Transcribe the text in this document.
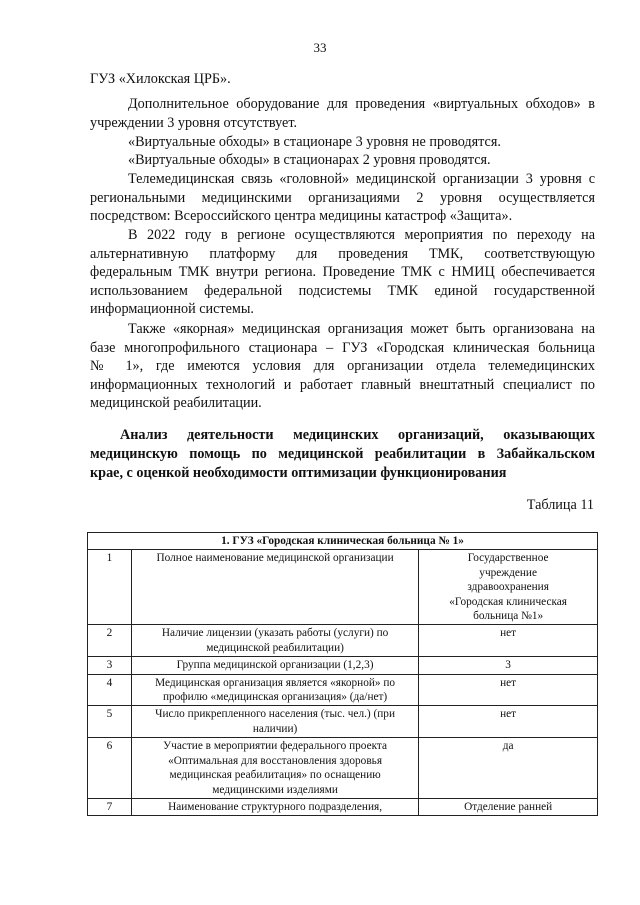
33
ГУЗ «Хилокская ЦРБ».
Дополнительное оборудование для проведения «виртуальных обходов» в
учреждении 3 уровня отсутствует.
«Виртуальные обходы» в стационаре 3 уровня не проводятся.
«Виртуальные обходы» в стационарах 2 уровня проводятся.
Телемедицинская связь «головной» медицинской организации 3 уровня с
региональными медицинскими организациями 2 уровня осуществляется
посредством: Всероссийского центра медицины катастроф «Защита».
В 2022 году в регионе осуществляются мероприятия по переходу на
альтернативную платформу для проведения ТМК, соответствующую
федеральным ТМК внутри региона. Проведение ТМК с НМИЦ обеспечивается
использованием федеральной подсистемы ТМК единой государственной
информационной системы.
Также «якорная» медицинская организация может быть организована на
базе многопрофильного стационара – ГУЗ «Городская клиническая больница
№ 1», где имеются условия для организации отдела телемедицинских
информационных технологий и работает главный внештатный специалист по
медицинской реабилитации.
Анализ деятельности медицинских организаций, оказывающих
медицинскую помощь по медицинской реабилитации в Забайкальском
крае, с оценкой необходимости оптимизации функционирования
Таблица 11
1. ГУЗ «Городская клиническая больница № 1»		
1	Полное наименование медицинской организации	Государственное
учреждение
здравоохранения
«Городская клиническая
больница №1»

2	Наличие лицензии (указать работы (услуги) по
медицинской реабилитации)	нет

3	Группа медицинской организации (1,2,3)	3

4	Медицинская организация является «якорной» по
профилю «медицинская организация» (да/нет)	нет

5	Число прикрепленного населения (тыс. чел.) (при
наличии)	нет

6	Участие в мероприятии федерального проекта
«Оптимальная для восстановления здоровья
медицинская реабилитация» по оснащению
медицинскими изделиями	да

7	Наименование структурного подразделения,	Отделение ранней
